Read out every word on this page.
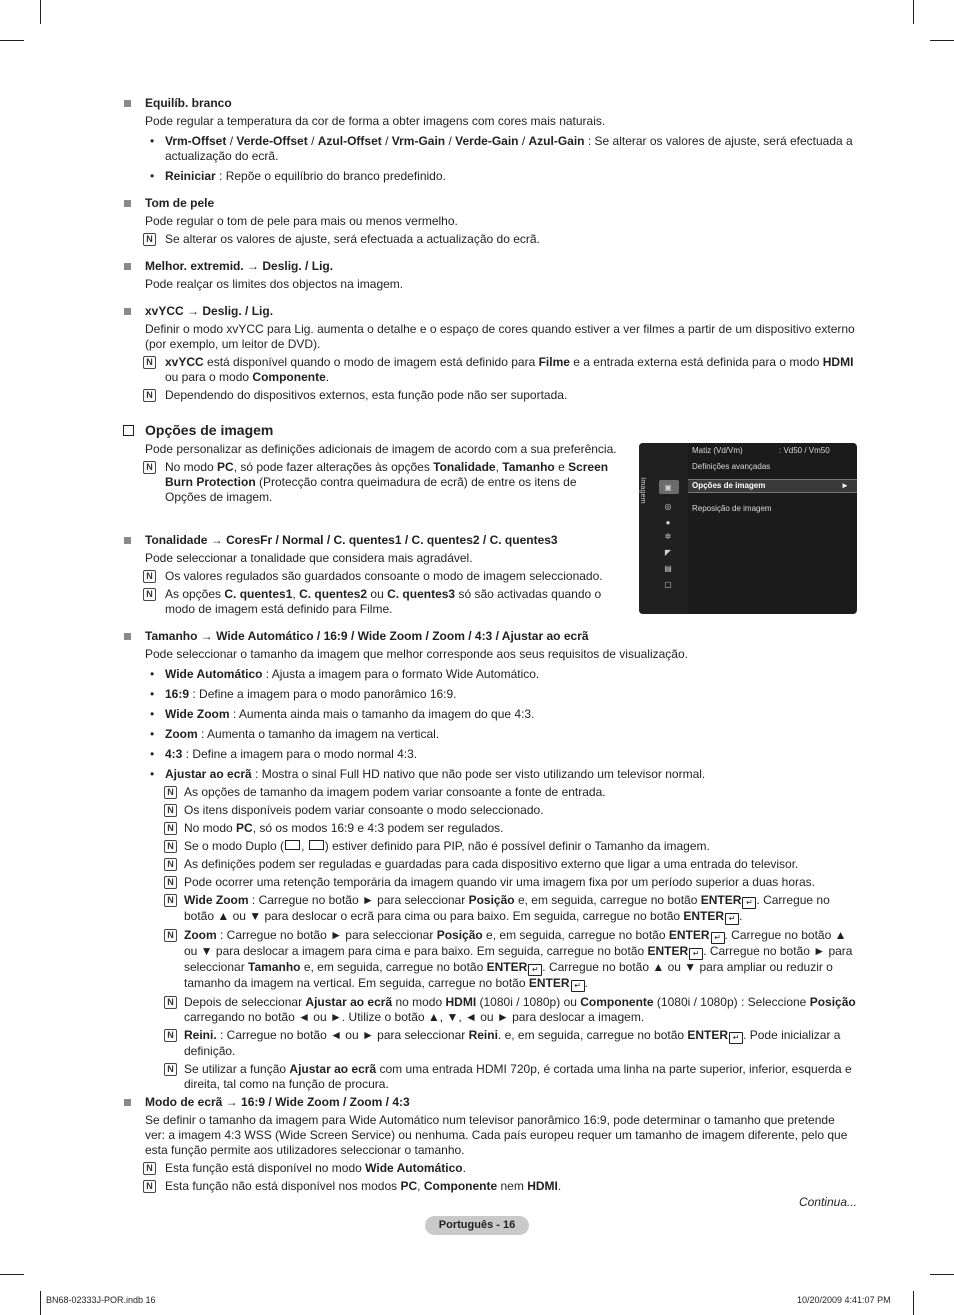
Equilíb. branco
Pode regular a temperatura da cor de forma a obter imagens com cores mais naturais.
• Vrm-Offset / Verde-Offset / Azul-Offset / Vrm-Gain / Verde-Gain / Azul-Gain : Se alterar os valores de ajuste, será efectuada a actualização do ecrã.
• Reiniciar : Repõe o equilíbrio do branco predefinido.
Tom de pele
Pode regular o tom de pele para mais ou menos vermelho.
N Se alterar os valores de ajuste, será efectuada a actualização do ecrã.
Melhor. extremid. → Deslig. / Lig.
Pode realçar os limites dos objectos na imagem.
xvYCC → Deslig. / Lig.
Definir o modo xvYCC para Lig. aumenta o detalhe e o espaço de cores quando estiver a ver filmes a partir de um dispositivo externo (por exemplo, um leitor de DVD).
N xvYCC está disponível quando o modo de imagem está definido para Filme e a entrada externa está definida para o modo HDMI ou para o modo Componente.
N Dependendo do dispositivos externos, esta função pode não ser suportada.
Opções de imagem
Pode personalizar as definições adicionais de imagem de acordo com a sua preferência.
N No modo PC, só pode fazer alterações às opções Tonalidade, Tamanho e Screen Burn Protection (Protecção contra queimadura de ecrã) de entre os itens de Opções de imagem.
Tonalidade → CoresFr / Normal / C. quentes1 / C. quentes2 / C. quentes3
Pode seleccionar a tonalidade que considera mais agradável.
N Os valores regulados são guardados consoante o modo de imagem seleccionado.
N As opções C. quentes1, C. quentes2 ou C. quentes3 só são activadas quando o modo de imagem está definido para Filme.
Tamanho → Wide Automático / 16:9 / Wide Zoom / Zoom / 4:3 / Ajustar ao ecrã
Pode seleccionar o tamanho da imagem que melhor corresponde aos seus requisitos de visualização.
• Wide Automático : Ajusta a imagem para o formato Wide Automático.
• 16:9 : Define a imagem para o modo panorâmico 16:9.
• Wide Zoom : Aumenta ainda mais o tamanho da imagem do que 4:3.
• Zoom : Aumenta o tamanho da imagem na vertical.
• 4:3 : Define a imagem para o modo normal 4:3.
• Ajustar ao ecrã : Mostra o sinal Full HD nativo que não pode ser visto utilizando um televisor normal.
N As opções de tamanho da imagem podem variar consoante a fonte de entrada.
N Os itens disponíveis podem variar consoante o modo seleccionado.
N No modo PC, só os modos 16:9 e 4:3 podem ser regulados.
N Se o modo Duplo ( , ) estiver definido para PIP, não é possível definir o Tamanho da imagem.
N As definições podem ser reguladas e guardadas para cada dispositivo externo que ligar a uma entrada do televisor.
N Pode ocorrer uma retenção temporária da imagem quando vir uma imagem fixa por um período superior a duas horas.
N Wide Zoom : Carregue no botão ► para seleccionar Posição e, em seguida, carregue no botão ENTER ↵ . Carregue no botão ▲ ou ▼ para deslocar o ecrã para cima ou para baixo. Em seguida, carregue no botão ENTER ↵ .
N Zoom : Carregue no botão ► para seleccionar Posição e, em seguida, carregue no botão ENTER ↵ . Carregue no botão ▲ ou ▼ para deslocar a imagem para cima e para baixo. Em seguida, carregue no botão ENTER ↵ . Carregue no botão ► para seleccionar Tamanho e, em seguida, carregue no botão ENTER ↵ . Carregue no botão ▲ ou ▼ para ampliar ou reduzir o tamanho da imagem na vertical. Em seguida, carregue no botão ENTER ↵ .
N Depois de seleccionar Ajustar ao ecrã no modo HDMI (1080i / 1080p) ou Componente (1080i / 1080p) : Seleccione Posição carregando no botão ◄ ou ►. Utilize o botão ▲, ▼, ◄ ou ► para deslocar a imagem.
N Reini. : Carregue no botão ◄ ou ► para seleccionar Reini. e, em seguida, carregue no botão ENTER ↵ . Pode inicializar a definição.
N Se utilizar a função Ajustar ao ecrã com uma entrada HDMI 720p, é cortada uma linha na parte superior, inferior, esquerda e direita, tal como na função de procura.
Modo de ecrã → 16:9 / Wide Zoom / Zoom / 4:3
Se definir o tamanho da imagem para Wide Automático num televisor panorâmico 16:9, pode determinar o tamanho que pretende ver: a imagem 4:3 WSS (Wide Screen Service) ou nenhuma. Cada país europeu requer um tamanho de imagem diferente, pelo que esta função permite aos utilizadores seleccionar o tamanho.
N Esta função está disponível no modo Wide Automático.
N Esta função não está disponível nos modos PC, Componente nem HDMI.
Imagem	▣
◎
●
✲
◤
▤
▢
Matiz (Vd/Vm)	: Vd50 / Vm50
Definições avançadas
Opções de imagem	►
Reposição de imagem
Continua...
Português - 16
BN68-02333J-POR.indb 16	10/20/2009 4:41:07 PM
